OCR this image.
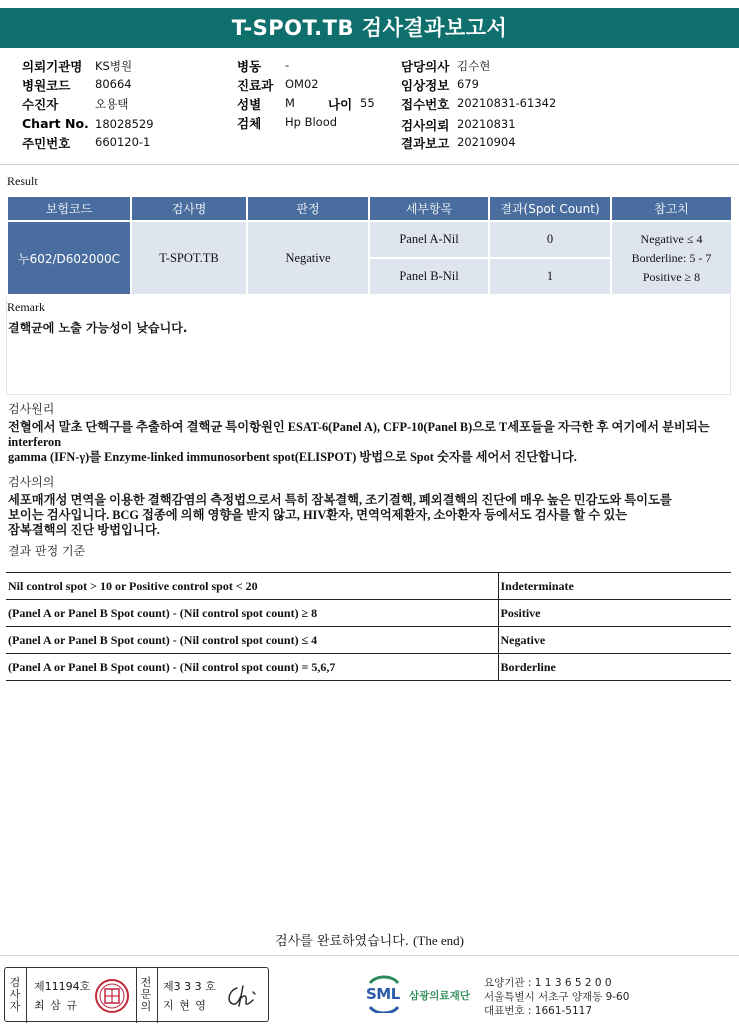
T-SPOT.TB 검사결과보고서
의뢰기관명 KS병원
병원코드 80664
수진자	오용택
Chart No. 18028529
주민번호 660120-1
병동 -
진료과 OM02
성별 M	나이 55
검체 Hp Blood
담당의사 김수현
임상정보 679
접수번호 20210831-61342
검사의뢰 20210831
결과보고 20210904
Result
보험코드	검사명	판정	세부항목	결과(Spot Count)	참고치
누602/D602000C	T-SPOT.TB	Negative	Panel A-Nil	0	Negative ≤ 4
Borderline: 5 - 7
Positive ≥ 8

			Panel B-Nil	1	
Remark
결핵균에 노출 가능성이 낮습니다.
검사원리
전혈에서 말초 단핵구를 추출하여 결핵균 특이항원인 ESAT-6(Panel A), CFP-10(Panel B)으로 T세포들을 자극한 후 여기에서 분비되는 interferon
gamma (IFN-γ)를 Enzyme-linked immunosorbent spot(ELISPOT) 방법으로 Spot 숫자를 세어서 진단합니다.
검사의의
세포매개성 면역을 이용한 결핵감염의 측정법으로서 특히 잠복결핵, 조기결핵, 폐외결핵의 진단에 매우 높은 민감도와 특이도를
보이는 검사입니다. BCG 접종에 의해 영향을 받지 않고, HIV환자, 면역억제환자, 소아환자 등에서도 검사를 할 수 있는
잠복결핵의 진단 방법입니다.
결과 판정 기준
Nil control spot > 10 or Positive control spot < 20	Indeterminate
(Panel A or Panel B Spot count) - (Nil control spot count) ≥ 8	Positive
(Panel A or Panel B Spot count) - (Nil control spot count) ≤ 4	Negative
(Panel A or Panel B Spot count) - (Nil control spot count) = 5,6,7	Borderline
검사를 완료하였습니다. (The end)
검
사
자
제11194호
최 삼 규
전
문
의
제3 3 3 호
지 현 영
SML 삼광의료재단
요양기관 : 1 1 3 6 5 2 0 0
서울특별시 서초구 양재동 9-60
대표번호 : 1661-5117
